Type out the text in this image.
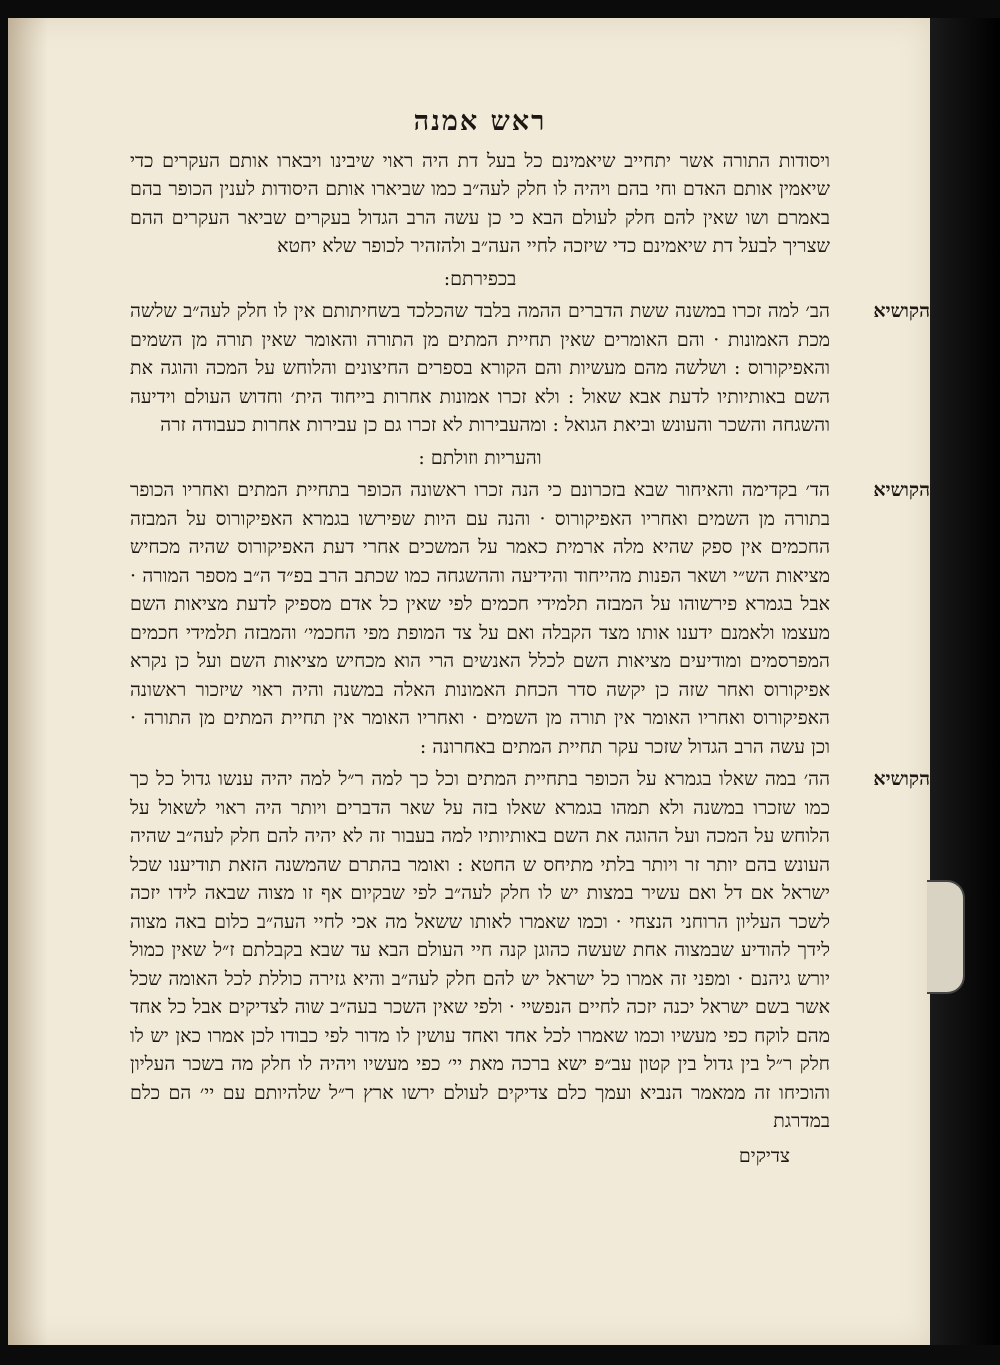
ראש אמנה

ויסודות התורה אשר יתחייב שיאמינם כל בעל דת היה ראוי שיבינו ויבארו אותם העקרים כדי שיאמין אותם האדם וחי בהם ויהיה לו חלק לעה״ב כמו שביארו אותם היסודות לענין הכופר בהם באמרם ושו שאין להם חלק לעולם הבא כי כן עשה הרב הגדול בעקרים שביאר העקרים ההם שצריך לבעל דת שיאמינם כדי שיזכה לחיי העה״ב ולהזהיר לכופר שלא יחטא

בכפירתם:
הקושיא

הב׳ למה זכרו במשנה ששת הדברים ההמה בלבד שהכלכד בשחיתותם אין לו חלק לעה״ב שלשה מכת האמונות · והם האומרים שאין תחיית המתים מן התורה והאומר שאין תורה מן השמים והאפיקורוס : ושלשה מהם מעשיות והם הקורא בספרים החיצונים והלוחש על המכה והוגה את השם באותיותיו לדעת אבא שאול : ולא זכרו אמונות אחרות בייחוד הית׳ וחדוש העולם וידיעה והשגחה והשכר והעונש וביאת הגואל : ומהעבירות לא זכרו גם כן עבירות אחרות כעבודה זרה

והעריות וזולתם :
הקושיא

הד׳ בקדימה והאיחור שבא בזכרונם כי הנה זכרו ראשונה הכופר בתחיית המתים ואחריו הכופר בתורה מן השמים ואחריו האפיקורוס · והנה עם היות שפירשו בגמרא האפיקורוס על המבזה החכמים אין ספק שהיא מלה ארמית כאמר על המשכים אחרי דעת האפיקורוס שהיה מכחיש מציאות הש״י ושאר הפנות מהייחוד והידיעה וההשגחה כמו שכתב הרב בפ״ד ה״ב מספר המורה · אבל בגמרא פירשוהו על המבזה תלמידי חכמים לפי שאין כל אדם מספיק לדעת מציאות השם מעצמו ולאמנם ידענו אותו מצד הקבלה ואם על צד המופת מפי החכמי׳ והמבזה תלמידי חכמים המפרסמים ומודיעים מציאות השם לכלל האנשים הרי הוא מכחיש מציאות השם ועל כן נקרא אפיקורוס ואחר שזה כן יקשה סדר הכחת האמונות האלה במשנה והיה ראוי שיזכור ראשונה האפיקורוס ואחריו האומר אין תורה מן השמים · ואחריו האומר אין תחיית המתים מן התורה · וכן עשה הרב הגדול שזכר עקר תחיית המתים באחרונה :

הקושיא

הה׳ במה שאלו בגמרא על הכופר בתחיית המתים וכל כך למה ר״ל למה יהיה ענשו גדול כל כך כמו שזכרו במשנה ולא תמהו בגמרא שאלו בזה על שאר הדברים ויותר היה ראוי לשאול על הלוחש על המכה ועל ההוגה את השם באותיותיו למה בעבור זה לא יהיה להם חלק לעה״ב שהיה העונש בהם יותר זר ויותר בלתי מתיחס ש החטא : ואומר בהתרם שהמשנה הזאת תודיענו שכל ישראל אם דל ואם עשיר במצות יש לו חלק לעה״ב לפי שבקיום אף זו מצוה שבאה לידו יזכה לשכר העליון הרוחני הנצחי · וכמו שאמרו לאותו ששאל מה אכי לחיי העה״ב כלום באה מצוה לידך להודיע שבמצוה אחת שעשה כהוגן קנה חיי העולם הבא עד שבא בקבלתם ז״ל שאין כמול יורש גיהנם · ומפני זה אמרו כל ישראל יש להם חלק לעה״ב והיא גזירה כוללת לכל האומה שכל אשר בשם ישראל יכנה יזכה לחיים הנפשיי · ולפי שאין השכר בעה״ב שוה לצדיקים אבל כל אחד מהם לוקח כפי מעשיו וכמו שאמרו לכל אחד ואחד עושין לו מדור לפי כבודו לכן אמרו כאן יש לו חלק ר״ל בין גדול בין קטון עב״פ ישא ברכה מאת יי׳ כפי מעשיו ויהיה לו חלק מה בשכר העליון והוכיחו זה ממאמר הנביא ועמך כלם צדיקים לעולם ירשו ארץ ר״ל שלהיותם עם יי׳ הם כלם במדרגת

צדיקים
